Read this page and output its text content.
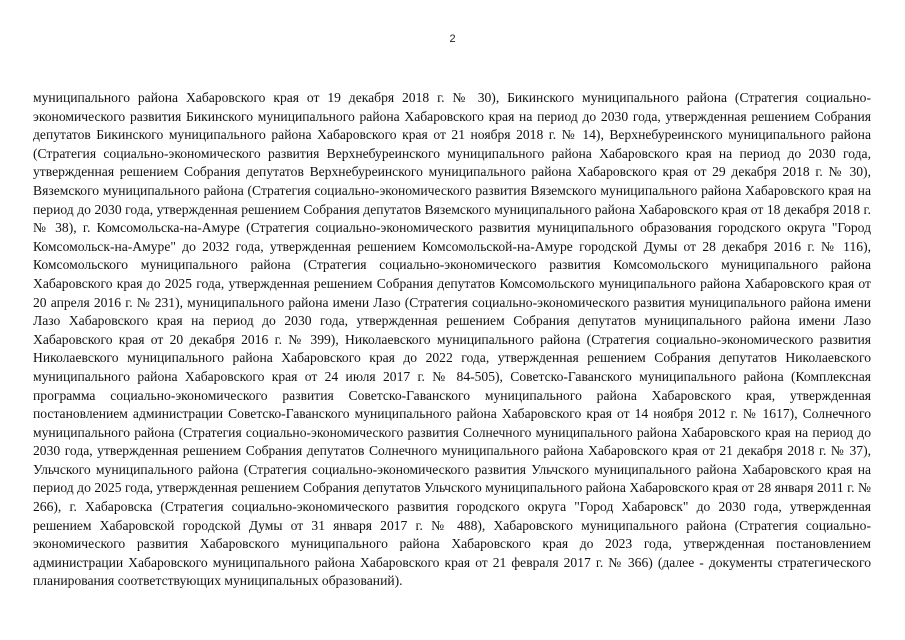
2

муниципального района Хабаровского края от 19 декабря 2018 г. № 30), Бикинского муниципального района (Стратегия социально-экономического развития Бикинского муниципального района Хабаровского края на период до 2030 года, утвержденная решением Собрания депутатов Бикинского муниципального района Хабаровского края от 21 ноября 2018 г. № 14), Верхнебуреинского муниципального района (Стратегия социально-экономического развития Верхнебуреинского муниципального района Хабаровского края на период до 2030 года, утвержденная решением Собрания депутатов Верхнебуреинского муниципального района Хабаровского края от 29 декабря 2018 г. № 30), Вяземского муниципального района (Стратегия социально-экономического развития Вяземского муниципального района Хабаровского края на период до 2030 года, утвержденная решением Собрания депутатов Вяземского муниципального района Хабаровского края от 18 декабря 2018 г. № 38), г. Комсомольска-на-Амуре (Стратегия социально-экономического развития муниципального образования городского округа "Город Комсомольск-на-Амуре" до 2032 года, утвержденная решением Комсомольской-на-Амуре городской Думы от 28 декабря 2016 г. № 116), Комсомольского муниципального района (Стратегия социально-экономического развития Комсомольского муниципального района Хабаровского края до 2025 года, утвержденная решением Собрания депутатов Комсомольского муниципального района Хабаровского края от 20 апреля 2016 г. № 231), муниципального района имени Лазо (Стратегия социально-экономического развития муниципального района имени Лазо Хабаровского края на период до 2030 года, утвержденная решением Собрания депутатов муниципального района имени Лазо Хабаровского края от 20 декабря 2016 г. № 399), Николаевского муниципального района (Стратегия социально-экономического развития Николаевского муниципального района Хабаровского края до 2022 года, утвержденная решением Собрания депутатов Николаевского муниципального района Хабаровского края от 24 июля 2017 г. № 84-505), Советско-Гаванского муниципального района (Комплексная программа социально-экономического развития Советско-Гаванского муниципального района Хабаровского края, утвержденная постановлением администрации Советско-Гаванского муниципального района Хабаровского края от 14 ноября 2012 г. № 1617), Солнечного муниципального района (Стратегия социально-экономического развития Солнечного муниципального района Хабаровского края на период до 2030 года, утвержденная решением Собрания депутатов Солнечного муниципального района Хабаровского края от 21 декабря 2018 г. № 37), Ульчского муниципального района (Стратегия социально-экономического развития Ульчского муниципального района Хабаровского края на период до 2025 года, утвержденная решением Собрания депутатов Ульчского муниципального района Хабаровского края от 28 января 2011 г. № 266), г. Хабаровска (Стратегия социально-экономического развития городского округа "Город Хабаровск" до 2030 года, утвержденная решением Хабаровской городской Думы от 31 января 2017 г. № 488), Хабаровского муниципального района (Стратегия социально-экономического развития Хабаровского муниципального района Хабаровского края до 2023 года, утвержденная постановлением администрации Хабаровского муниципального района Хабаровского края от 21 февраля 2017 г. № 366) (далее - документы стратегического планирования соответствующих муниципальных образований).
